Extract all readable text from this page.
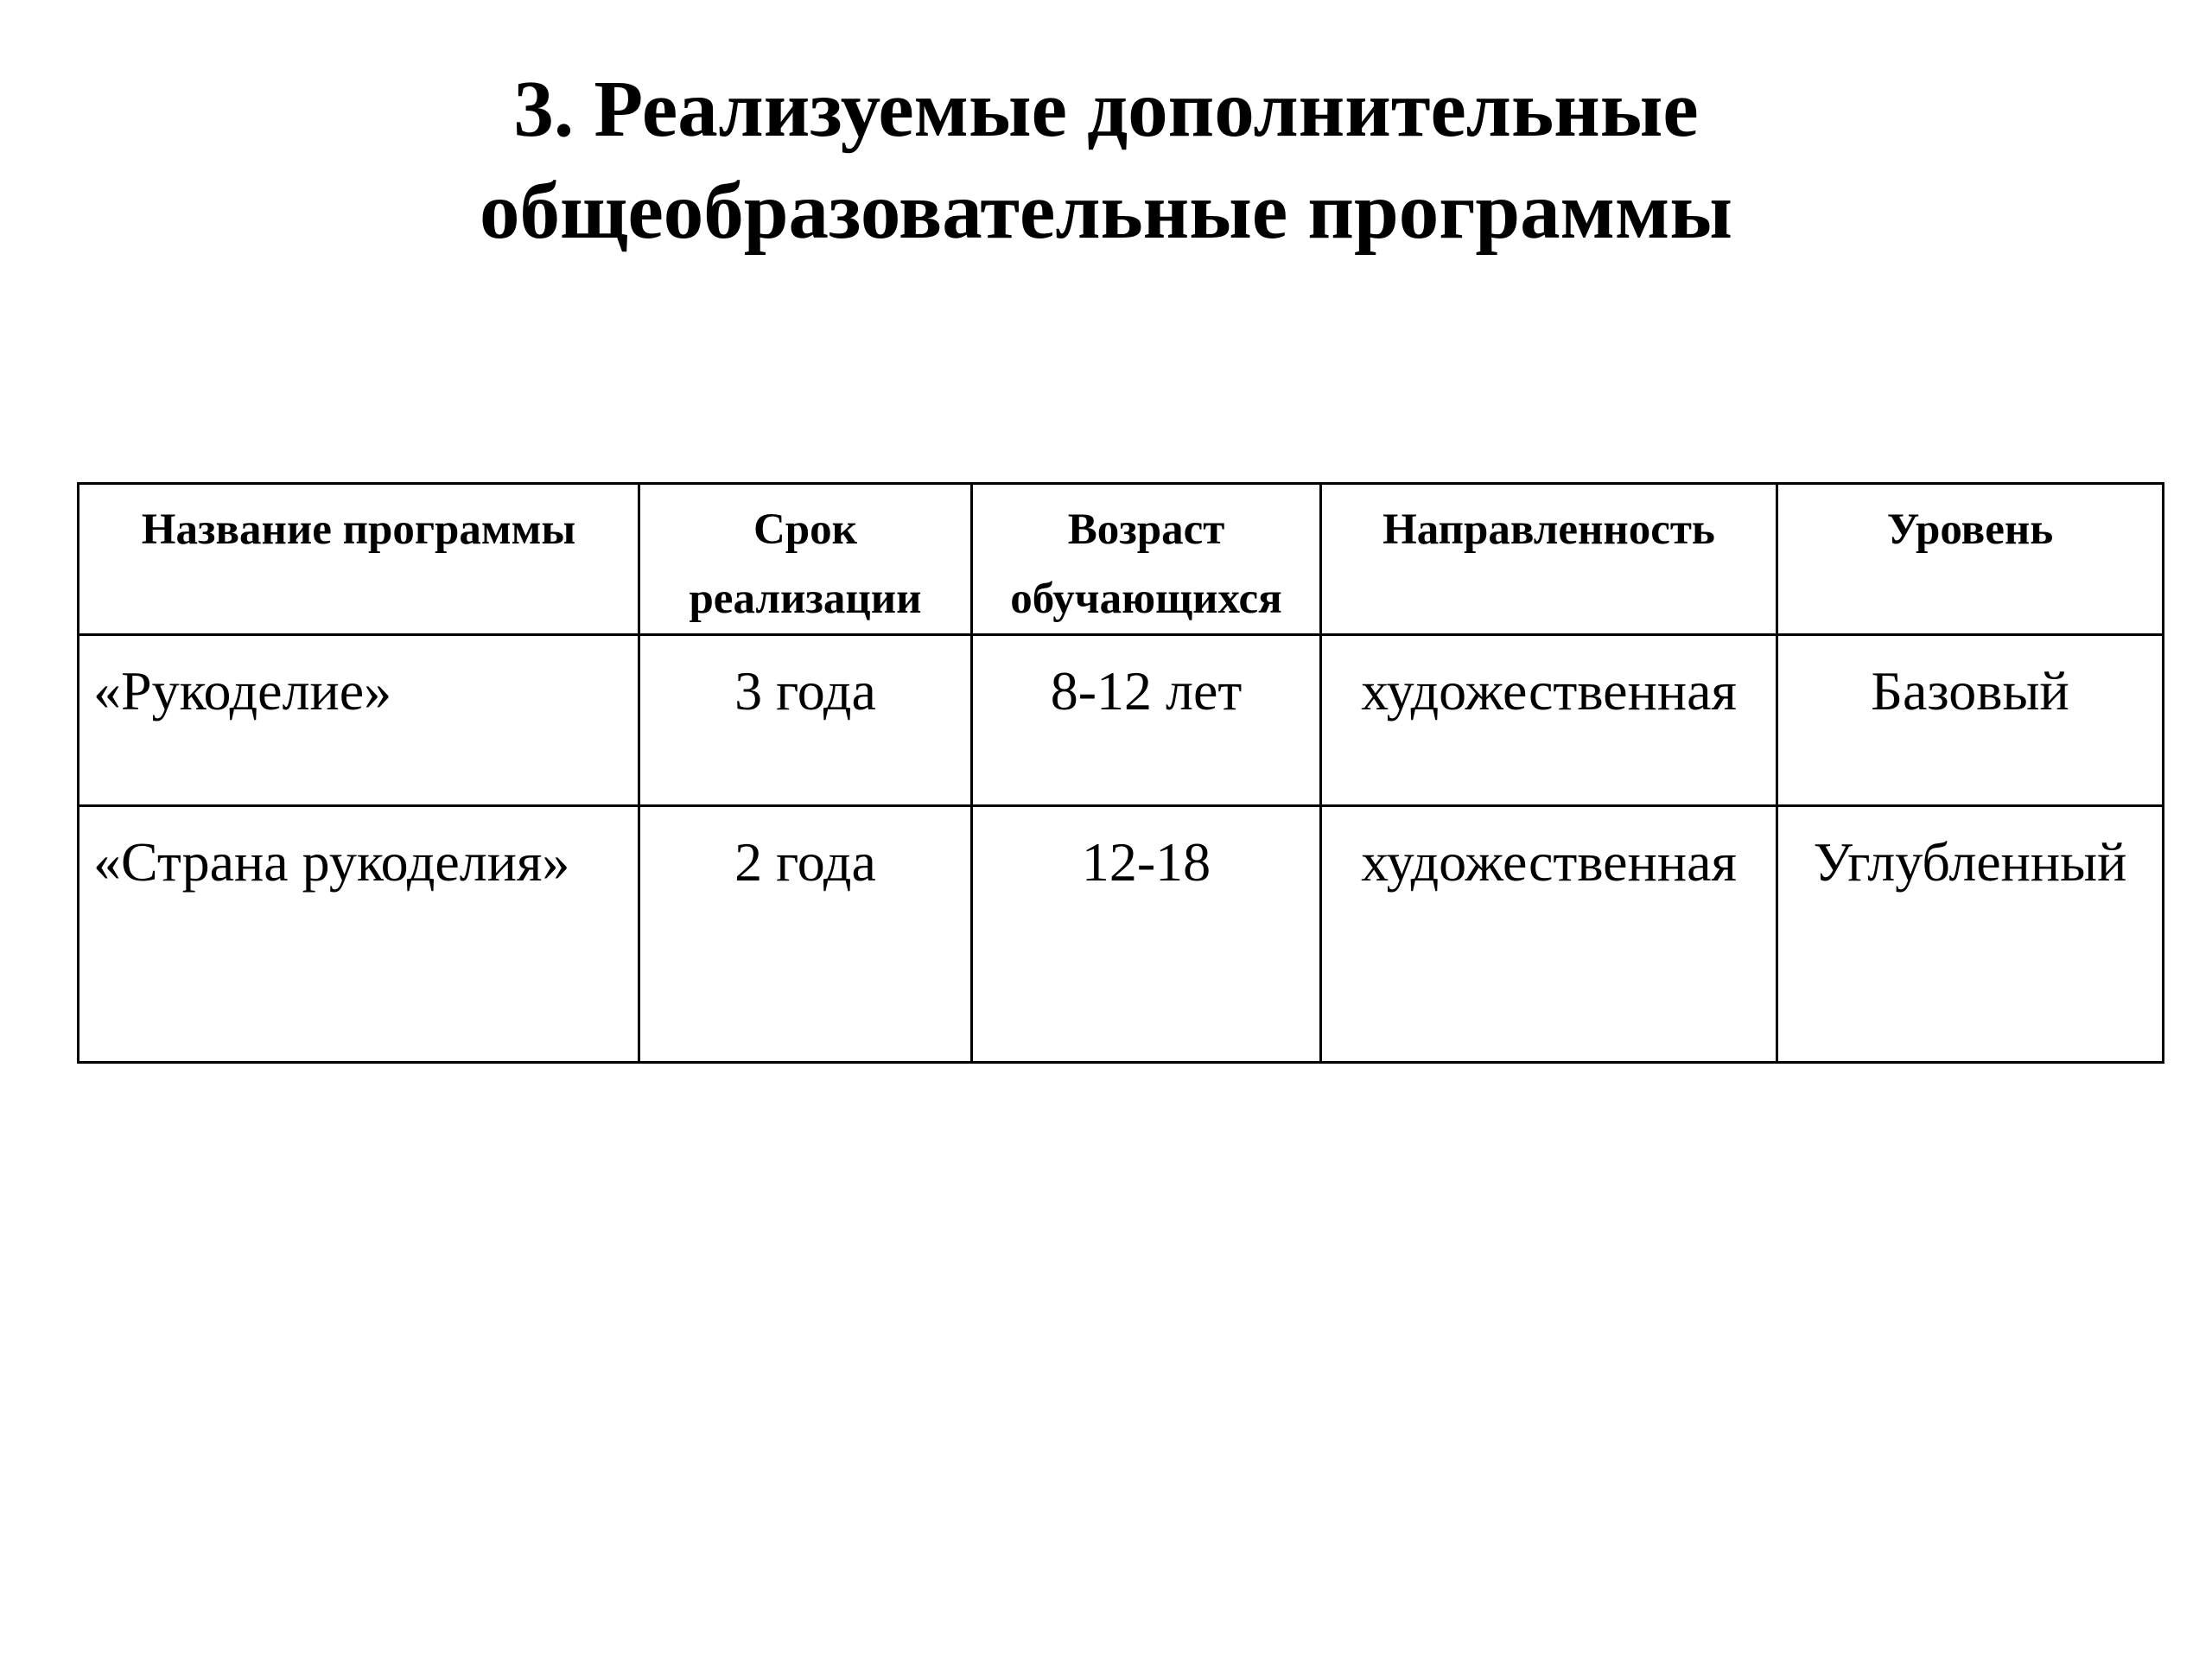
3. Реализуемые дополнительные
общеобразовательные программы
Название программы	Срок реализации	Возраст обучающихся	Направленность	Уровень
«Рукоделие»	3 года	8-12 лет	художественная	Базовый
«Страна рукоделия»	2 года	12-18	художественная	Углубленный
